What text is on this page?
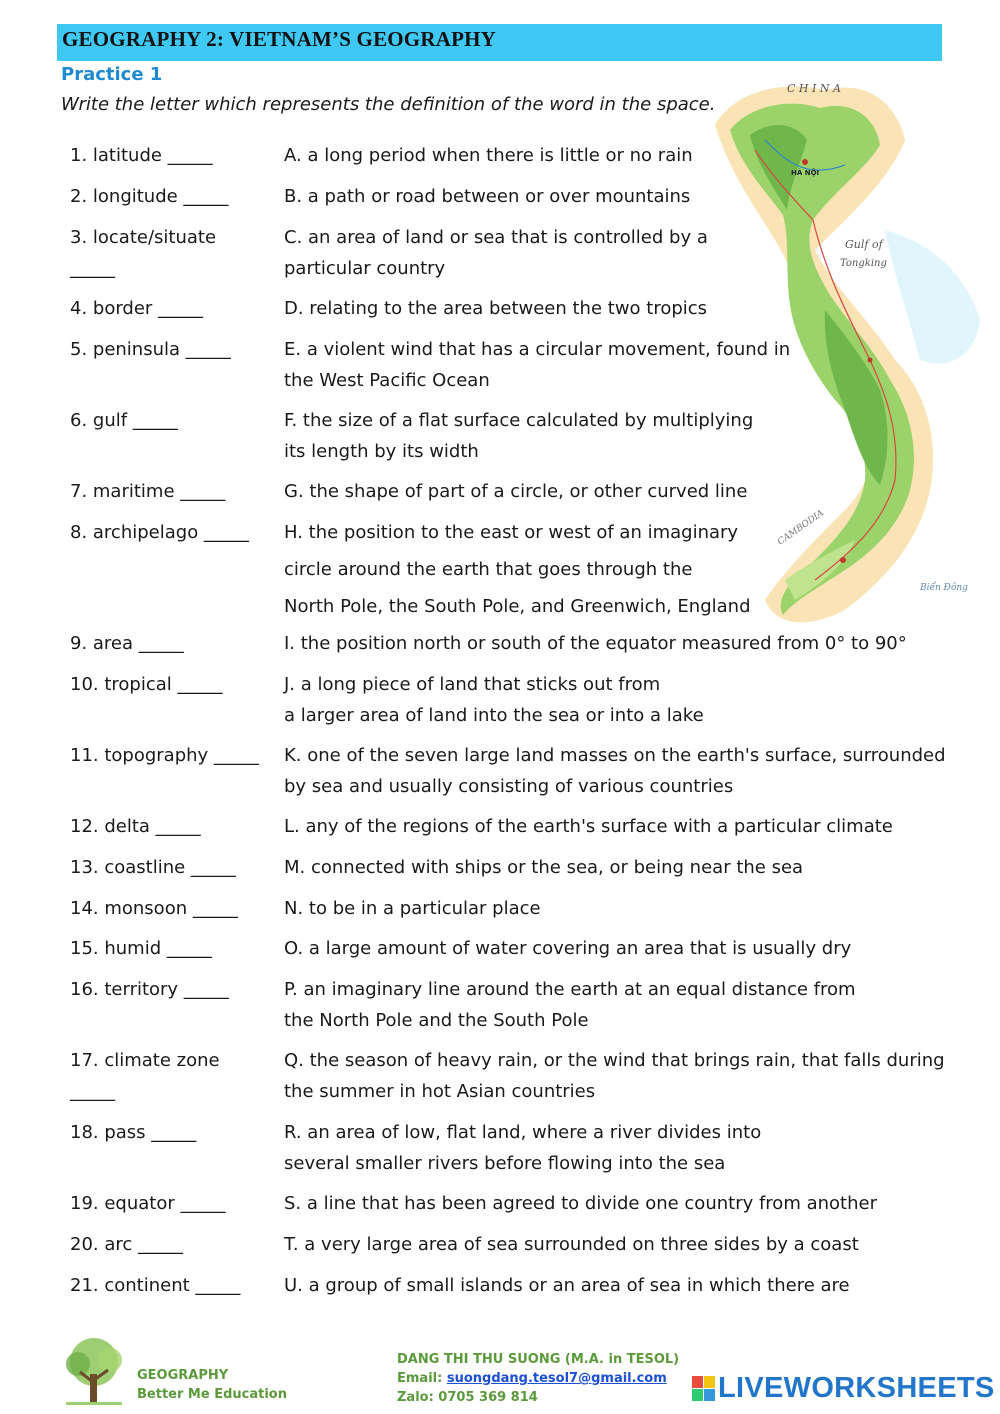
GEOGRAPHY 2: VIETNAM’S GEOGRAPHY
C H I N A
Gulf of
Tongking
CAMBODIA
HÀ NỘI
Biển Đông
Practice 1
Write the letter which represents the definition of the word in the space.
1. latitude _____
2. longitude _____
3. locate/situate
_____
4. border _____
5. peninsula _____
6. gulf _____
7. maritime _____
8. archipelago _____
9. area _____
10. tropical _____
11. topography _____
12. delta _____
13. coastline _____
14. monsoon _____
15. humid _____
16. territory _____
17. climate zone
_____
18. pass _____
19. equator _____
20. arc _____
21. continent _____
A. a long period when there is little or no rain
B. a path or road between or over mountains
C. an area of land or sea that is controlled by a
particular country
D. relating to the area between the two tropics
E. a violent wind that has a circular movement, found in
the West Pacific Ocean
F. the size of a flat surface calculated by multiplying
its length by its width
G. the shape of part of a circle, or other curved line
H. the position to the east or west of an imaginary
circle around the earth that goes through the
North Pole, the South Pole, and Greenwich, England
I. the position north or south of the equator measured from 0° to 90°
J. a long piece of land that sticks out from
a larger area of land into the sea or into a lake
K. one of the seven large land masses on the earth's surface, surrounded
by sea and usually consisting of various countries
L. any of the regions of the earth's surface with a particular climate
M. connected with ships or the sea, or being near the sea
N. to be in a particular place
O. a large amount of water covering an area that is usually dry
P. an imaginary line around the earth at an equal distance from
the North Pole and the South Pole
Q. the season of heavy rain, or the wind that brings rain, that falls during
the summer in hot Asian countries
R. an area of low, flat land, where a river divides into
several smaller rivers before flowing into the sea
S. a line that has been agreed to divide one country from another
T. a very large area of sea surrounded on three sides by a coast
U. a group of small islands or an area of sea in which there are
GEOGRAPHY
Better Me Education
DANG THI THU SUONG (M.A. in TESOL)
Email: suongdang.tesol7@gmail.com
Zalo: 0705 369 814	LIVEWORKSHEETS
